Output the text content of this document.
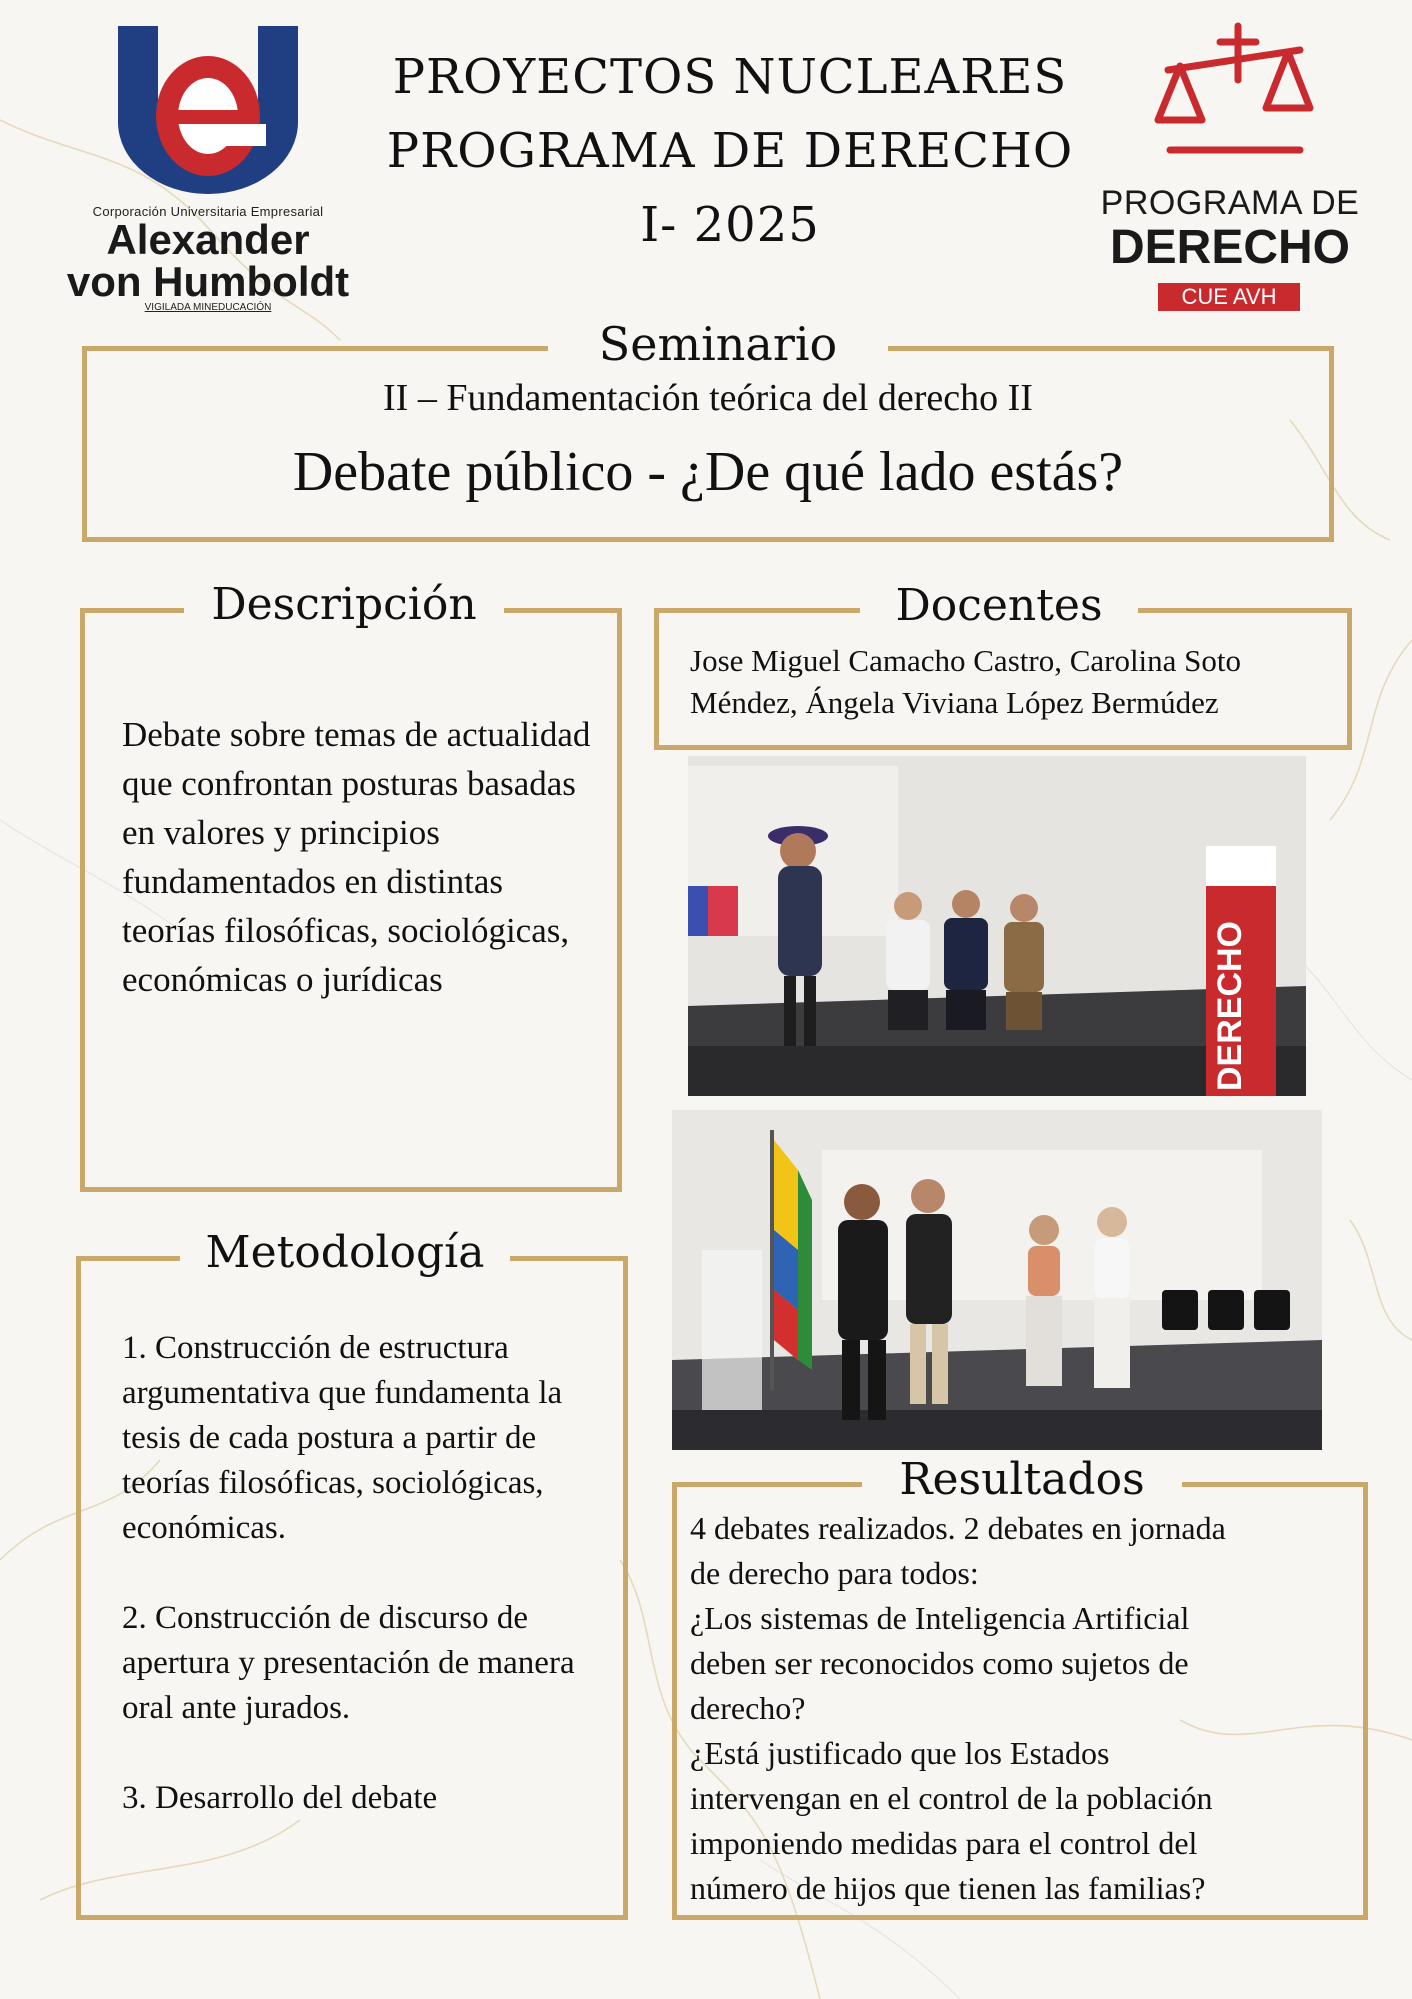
Corporación Universitaria Empresarial
Alexander
von Humboldt
VIGILADA MINEDUCACIÓN
PROYECTOS NUCLEARES
PROGRAMA DE DERECHO
I- 2025	PROGRAMA DE
DERECHO
CUE AVH
Seminario
II – Fundamentación teórica del derecho II
Debate público - ¿De qué lado estás?
Descripción
Debate sobre temas de actualidad que confrontan posturas basadas en valores y principios fundamentados en distintas teorías filosóficas, sociológicas, económicas o jurídicas
Docentes
Jose Miguel Camacho Castro, Carolina Soto
Méndez, Ángela Viviana López Bermúdez
DERECHO
Metodología
1. Construcción de estructura argumentativa que fundamenta la tesis de cada postura a partir de teorías filosóficas, sociológicas, económicas.
2. Construcción de discurso de apertura y presentación de manera oral ante jurados.
3. Desarrollo del debate
Resultados
4 debates realizados. 2 debates en jornada
de derecho para todos:
¿Los sistemas de Inteligencia Artificial
deben ser reconocidos como sujetos de
derecho?
¿Está justificado que los Estados
intervengan en el control de la población
imponiendo medidas para el control del
número de hijos que tienen las familias?
